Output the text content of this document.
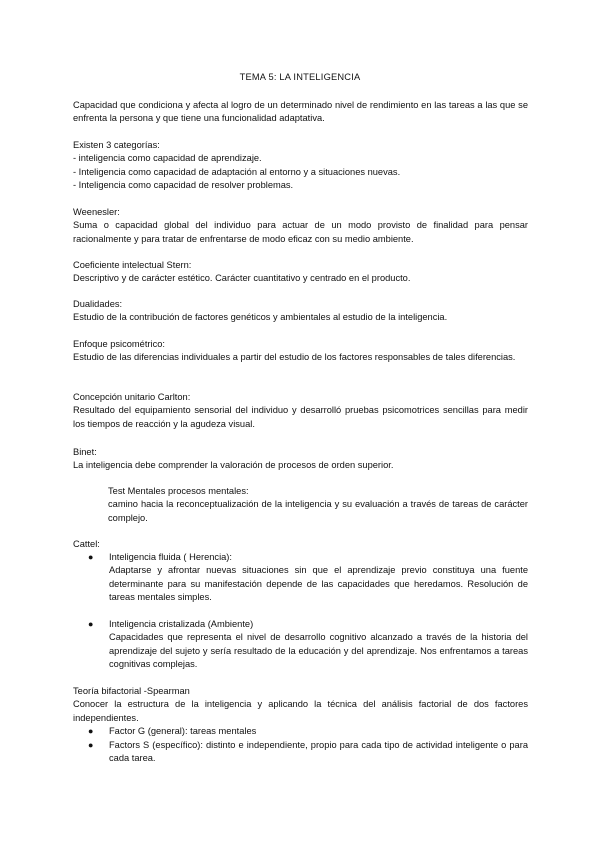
TEMA 5: LA INTELIGENCIA

Capacidad que condiciona y afecta al logro de un determinado nivel de rendimiento en las tareas a las que se enfrenta la persona y que tiene una funcionalidad adaptativa.

Existen 3 categorías:

- inteligencia como capacidad de aprendizaje.

- Inteligencia como capacidad de adaptación al entorno y a situaciones nuevas.

- Inteligencia como capacidad de resolver problemas.

Weenesler:

Suma o capacidad global del individuo para actuar de un modo provisto de finalidad para pensar racionalmente y para tratar de enfrentarse de modo eficaz con su medio ambiente.

Coeficiente intelectual Stern:

Descriptivo y de carácter estético. Carácter cuantitativo y centrado en el producto.

Dualidades:

Estudio de la contribución de factores genéticos y ambientales al estudio de la inteligencia.

Enfoque psicométrico:

Estudio de las diferencias individuales a partir del estudio de los factores responsables de tales diferencias.

Concepción unitario Carlton:

Resultado del equipamiento sensorial del individuo y desarrolló pruebas psicomotrices sencillas para medir los tiempos de reacción y la agudeza visual.

Binet:

La inteligencia debe comprender la valoración de procesos de orden superior.

Test Mentales procesos mentales:

camino hacia la reconceptualización de la inteligencia y su evaluación a través de tareas de carácter complejo.

Cattel:

●	Inteligencia fluida ( Herencia):

Adaptarse y afrontar nuevas situaciones sin que el aprendizaje previo constituya una fuente determinante para su manifestación depende de las capacidades que heredamos. Resolución de tareas mentales simples.

●	Inteligencia cristalizada (Ambiente)

Capacidades que representa el nivel de desarrollo cognitivo alcanzado a través de la historia del aprendizaje del sujeto y sería resultado de la educación y del aprendizaje. Nos enfrentamos a tareas cognitivas complejas.

Teoría bifactorial -Spearman

Conocer la estructura de la inteligencia y aplicando la técnica del análisis factorial de dos factores independientes.

●	Factor G (general): tareas mentales

●	Factors S (específico): distinto e independiente, propio para cada tipo de actividad inteligente o para cada tarea.
